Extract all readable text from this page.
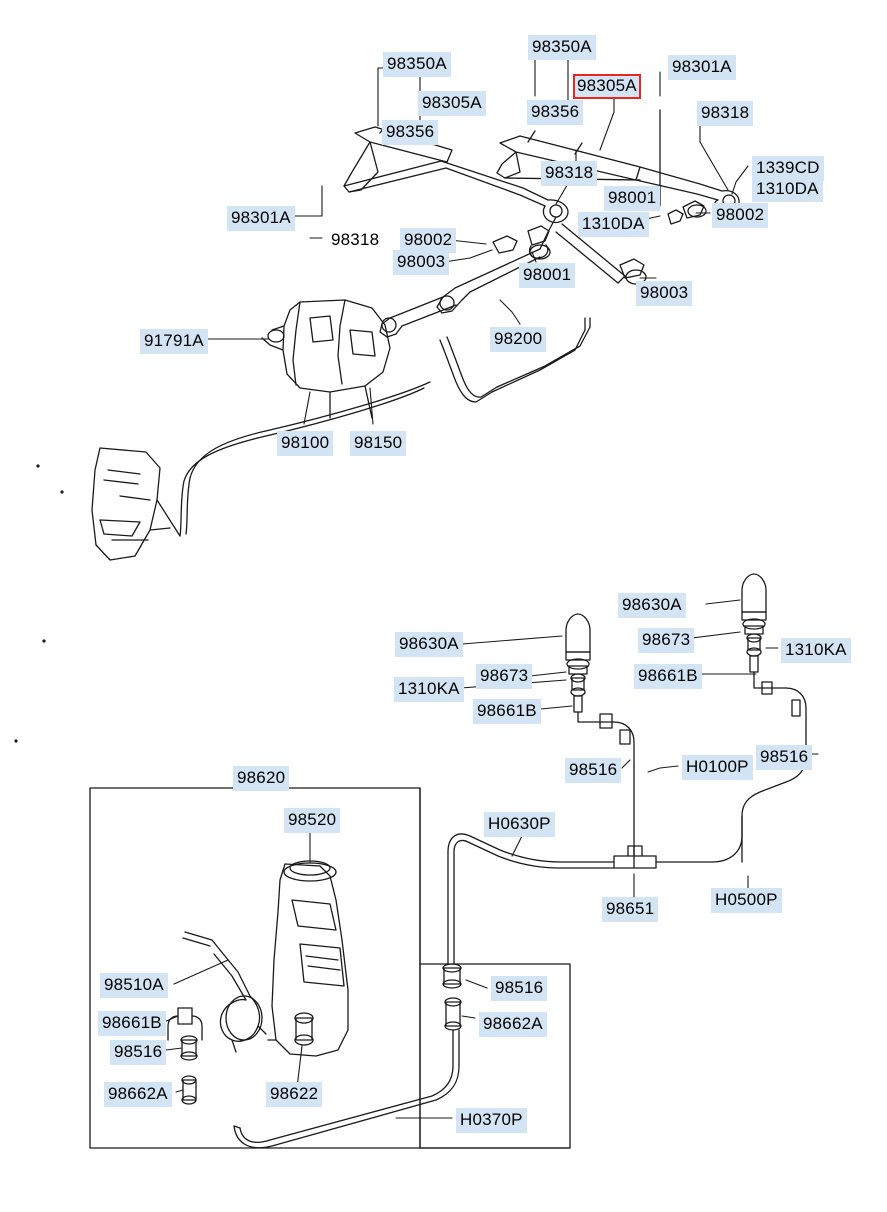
98350A
98305A
98356
98350A
98305A
98356
98301A
98318
1339CD
1310DA
98318
98001
1310DA	98002
98301A
98318 98002
98003
98001
98003
98200
91791A
98100 98150
98630A
98673
1310KA
98661B
98630A
98673
1310KA
98661B
98516
98516	H0100P
98620
H0630P
98520
H0500P
98651
98510A	98516
98661B	98662A
98516
98662A	98622
H0370P
